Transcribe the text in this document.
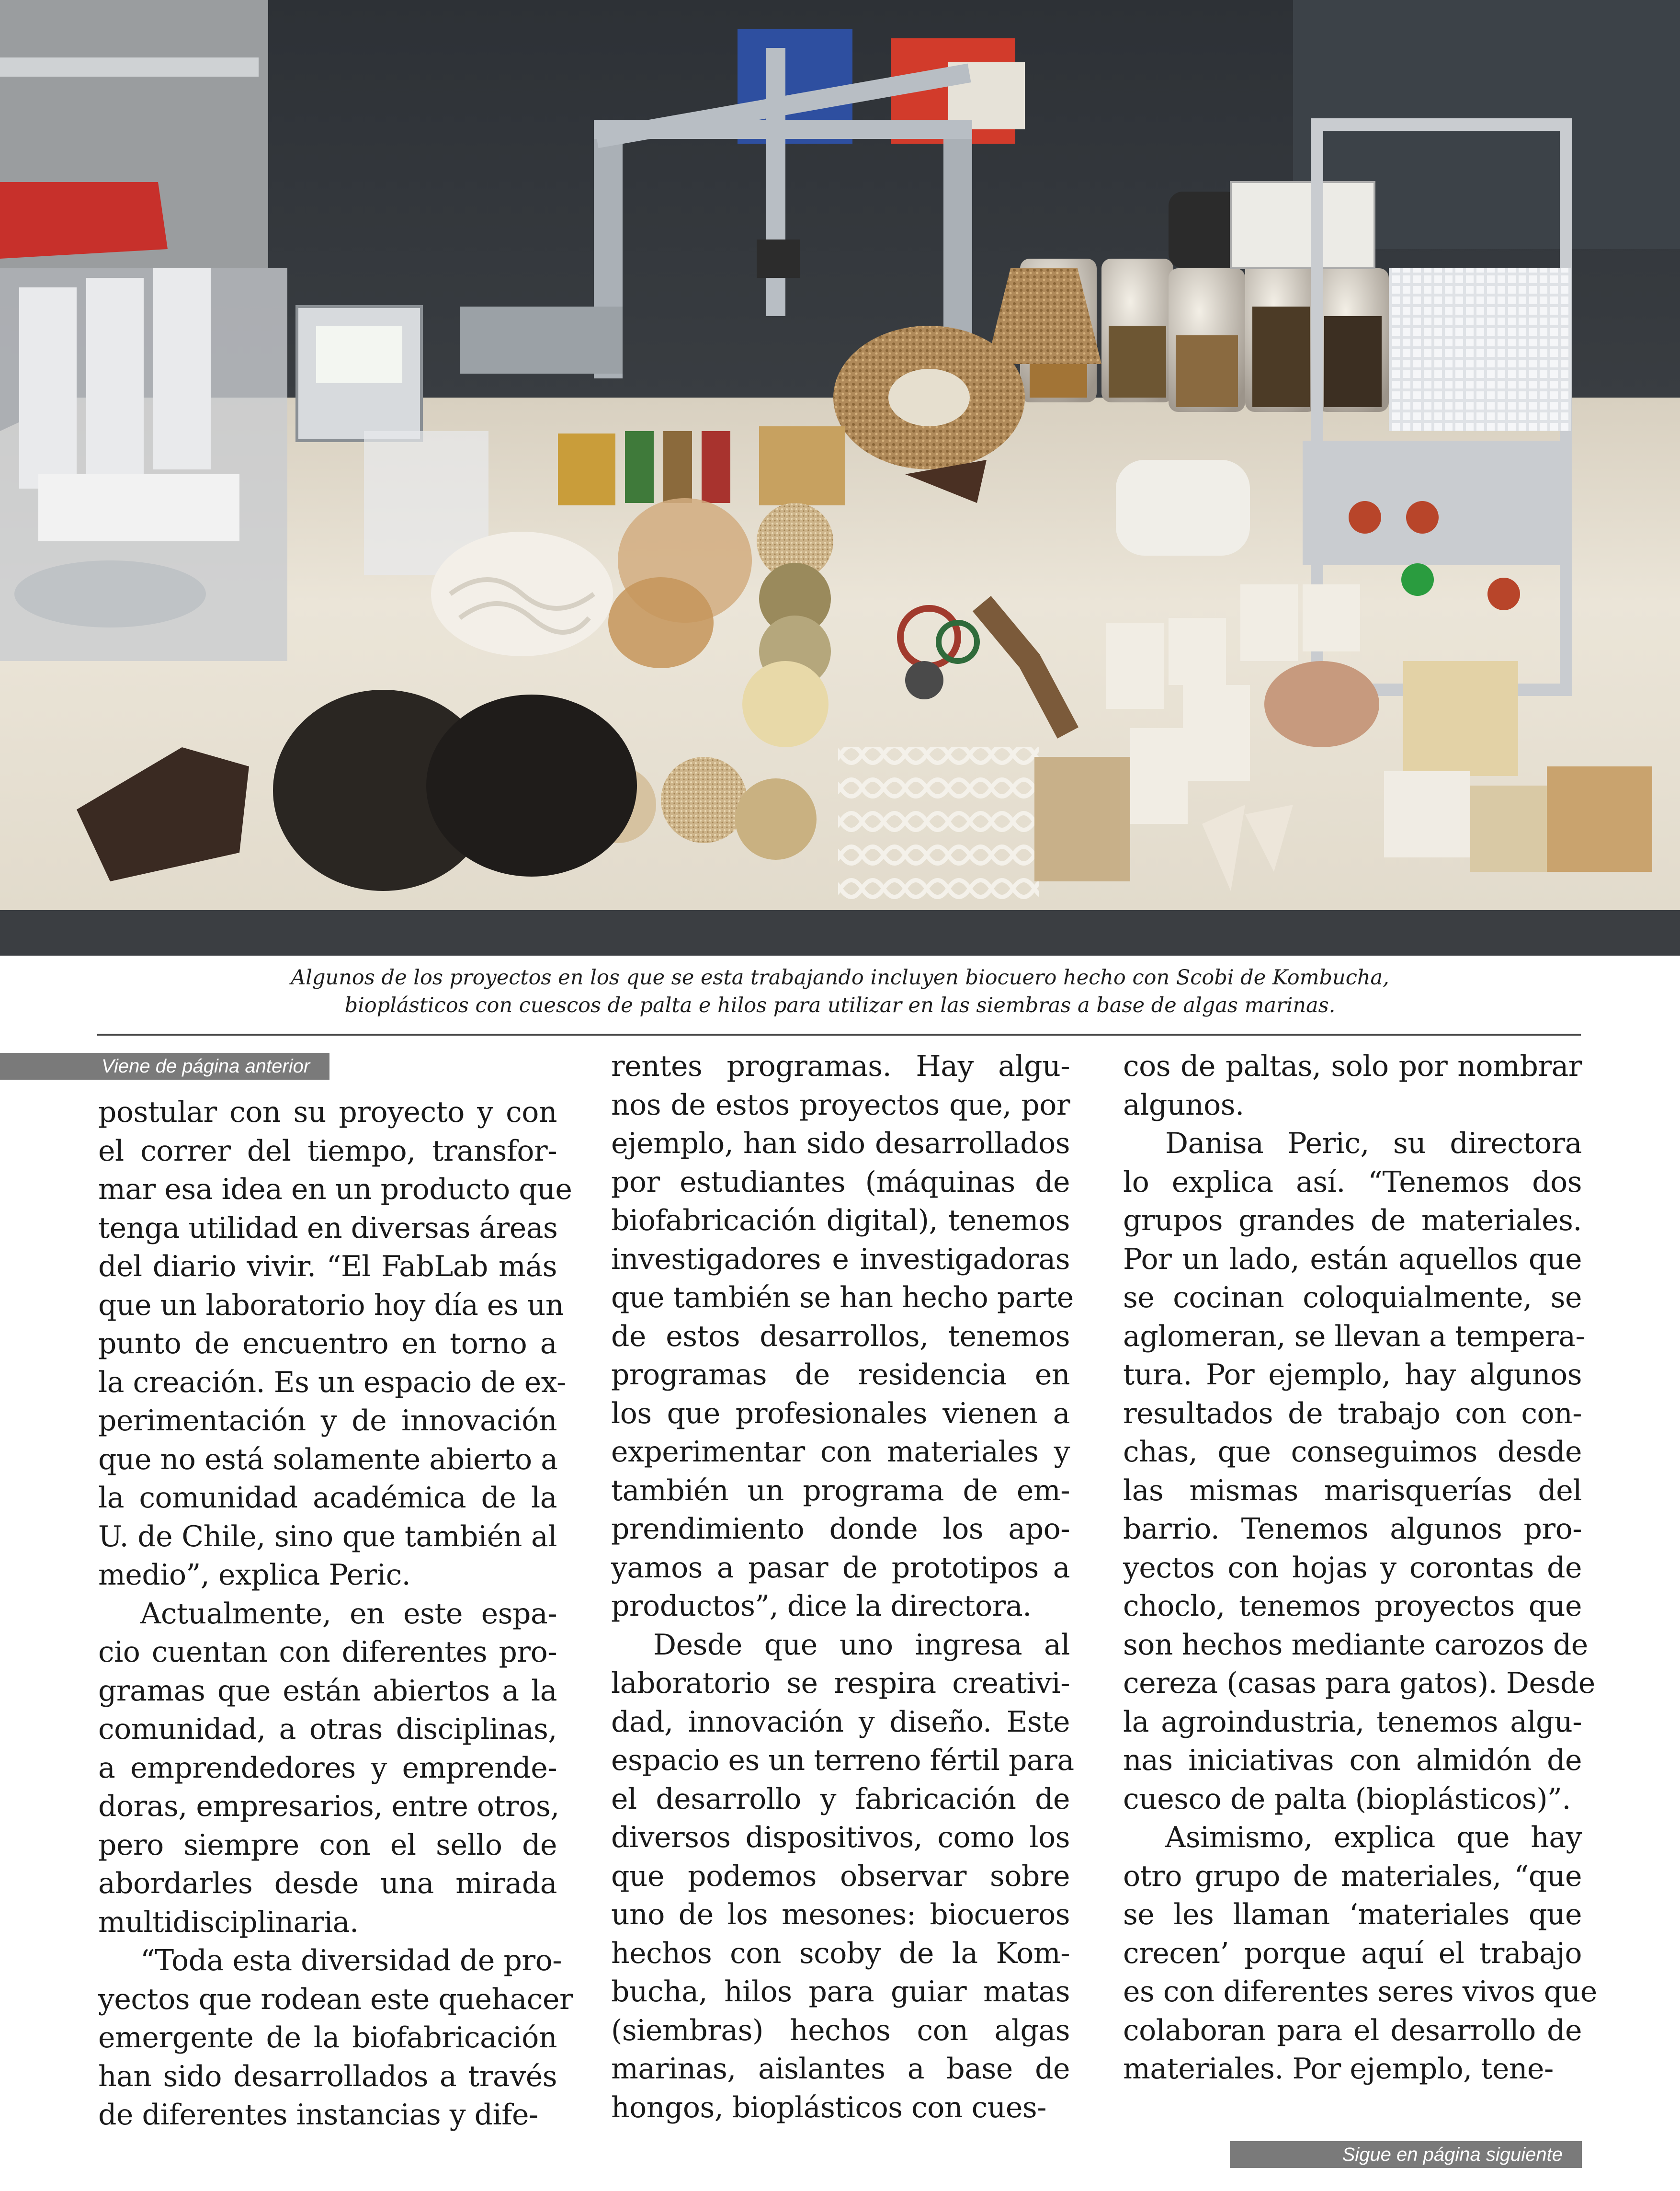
Algunos de los proyectos en los que se esta trabajando incluyen biocuero hecho con Scobi de Kombucha,
bioplásticos con cuescos de palta e hilos para utilizar en las siembras a base de algas marinas.
Viene de página anterior
Sigue en página siguiente

postular con su proyecto y con
el correr del tiempo, transfor-
mar esa idea en un producto que
tenga utilidad en diversas áreas
del diario vivir. “El FabLab más
que un laboratorio hoy día es un
punto de encuentro en torno a
la creación. Es un espacio de ex-
perimentación y de innovación
que no está solamente abierto a
la comunidad académica de la
U. de Chile, sino que también al
medio”, explica Peric.

Actualmente, en este espa-
cio cuentan con diferentes pro-
gramas que están abiertos a la
comunidad, a otras disciplinas,
a emprendedores y emprende-
doras, empresarios, entre otros,
pero siempre con el sello de
abordarles desde una mirada
multidisciplinaria.

“Toda esta diversidad de pro-
yectos que rodean este quehacer
emergente de la biofabricación
han sido desarrollados a través
de diferentes instancias y dife-

rentes programas. Hay algu-
nos de estos proyectos que, por
ejemplo, han sido desarrollados
por estudiantes (máquinas de
biofabricación digital), tenemos
investigadores e investigadoras
que también se han hecho parte
de estos desarrollos, tenemos
programas de residencia en
los que profesionales vienen a
experimentar con materiales y
también un programa de em-
prendimiento donde los apo-
yamos a pasar de prototipos a
productos”, dice la directora.

Desde que uno ingresa al
laboratorio se respira creativi-
dad, innovación y diseño. Este
espacio es un terreno fértil para
el desarrollo y fabricación de
diversos dispositivos, como los
que podemos observar sobre
uno de los mesones: biocueros
hechos con scoby de la Kom-
bucha, hilos para guiar matas
(siembras) hechos con algas
marinas, aislantes a base de
hongos, bioplásticos con cues-

cos de paltas, solo por nombrar
algunos.

Danisa Peric, su directora
lo explica así. “Tenemos dos
grupos grandes de materiales.
Por un lado, están aquellos que
se cocinan coloquialmente, se
aglomeran, se llevan a tempera-
tura. Por ejemplo, hay algunos
resultados de trabajo con con-
chas, que conseguimos desde
las mismas marisquerías del
barrio. Tenemos algunos pro-
yectos con hojas y corontas de
choclo, tenemos proyectos que
son hechos mediante carozos de
cereza (casas para gatos). Desde
la agroindustria, tenemos algu-
nas iniciativas con almidón de
cuesco de palta (bioplásticos)”.

Asimismo, explica que hay
otro grupo de materiales, “que
se les llaman ‘materiales que
crecen’ porque aquí el trabajo
es con diferentes seres vivos que
colaboran para el desarrollo de
materiales. Por ejemplo, tene-
